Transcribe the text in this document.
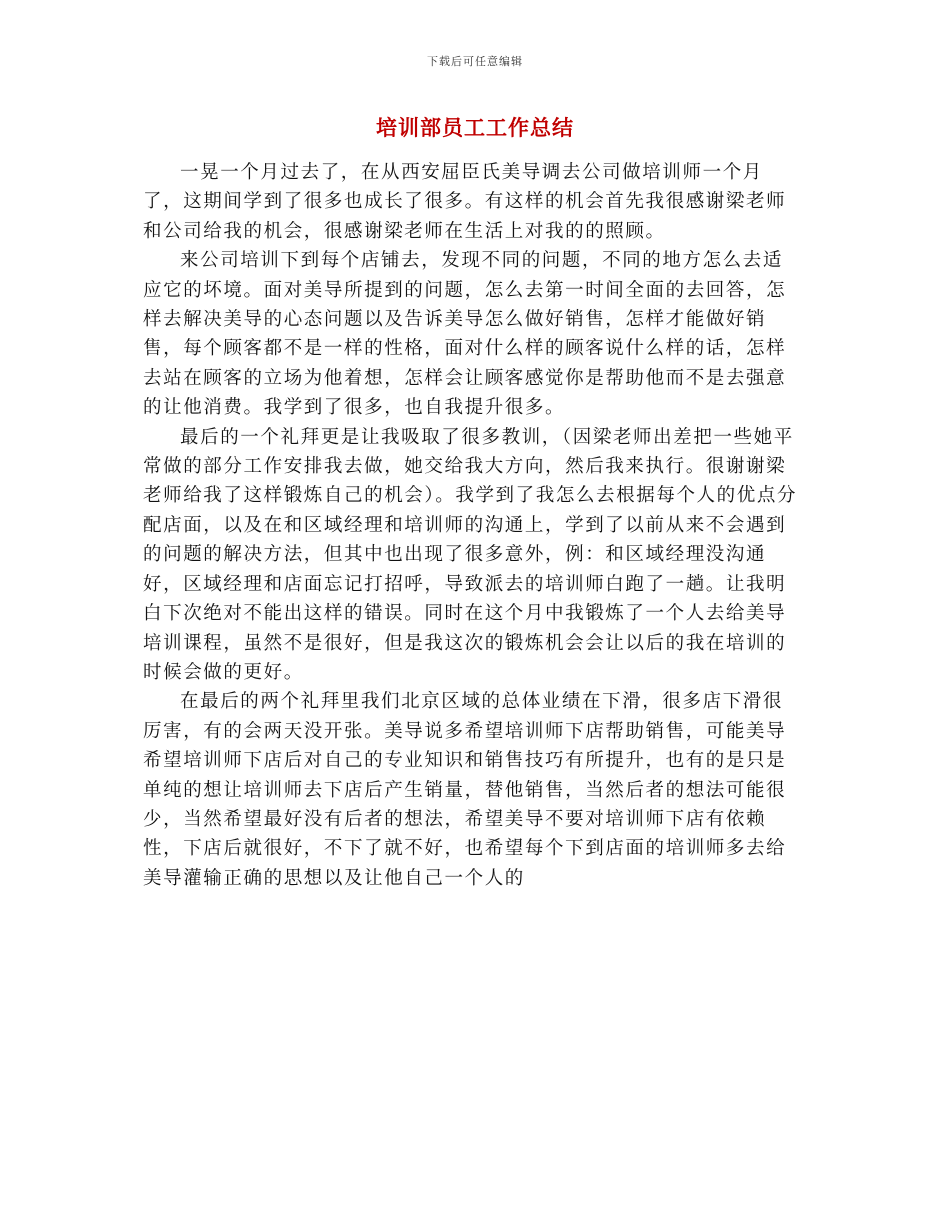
下载后可任意编辑
培训部员工工作总结

一晃一个月过去了，在从西安屈臣氏美导调去公司做培训师一个月了，这期间学到了很多也成长了很多。有这样的机会首先我很感谢梁老师和公司给我的机会，很感谢梁老师在生活上对我的的照顾。

来公司培训下到每个店铺去，发现不同的问题，不同的地方怎么去适应它的坏境。面对美导所提到的问题，怎么去第一时间全面的去回答，怎样去解决美导的心态问题以及告诉美导怎么做好销售，怎样才能做好销售，每个顾客都不是一样的性格，面对什么样的顾客说什么样的话，怎样去站在顾客的立场为他着想，怎样会让顾客感觉你是帮助他而不是去强意的让他消费。我学到了很多，也自我提升很多。

最后的一个礼拜更是让我吸取了很多教训，（因梁老师出差把一些她平常做的部分工作安排我去做，她交给我大方向，然后我来执行。很谢谢梁老师给我了这样锻炼自己的机会）。我学到了我怎么去根据每个人的优点分配店面，以及在和区域经理和培训师的沟通上，学到了以前从来不会遇到的问题的解决方法，但其中也出现了很多意外，例：和区域经理没沟通好，区域经理和店面忘记打招呼，导致派去的培训师白跑了一趟。让我明白下次绝对不能出这样的错误。同时在这个月中我锻炼了一个人去给美导培训课程，虽然不是很好，但是我这次的锻炼机会会让以后的我在培训的时候会做的更好。

在最后的两个礼拜里我们北京区域的总体业绩在下滑，很多店下滑很厉害，有的会两天没开张。美导说多希望培训师下店帮助销售，可能美导希望培训师下店后对自己的专业知识和销售技巧有所提升，也有的是只是单纯的想让培训师去下店后产生销量，替他销售，当然后者的想法可能很少，当然希望最好没有后者的想法，希望美导不要对培训师下店有依赖性，下店后就很好，不下了就不好，也希望每个下到店面的培训师多去给美导灌输正确的思想以及让他自己一个人的
